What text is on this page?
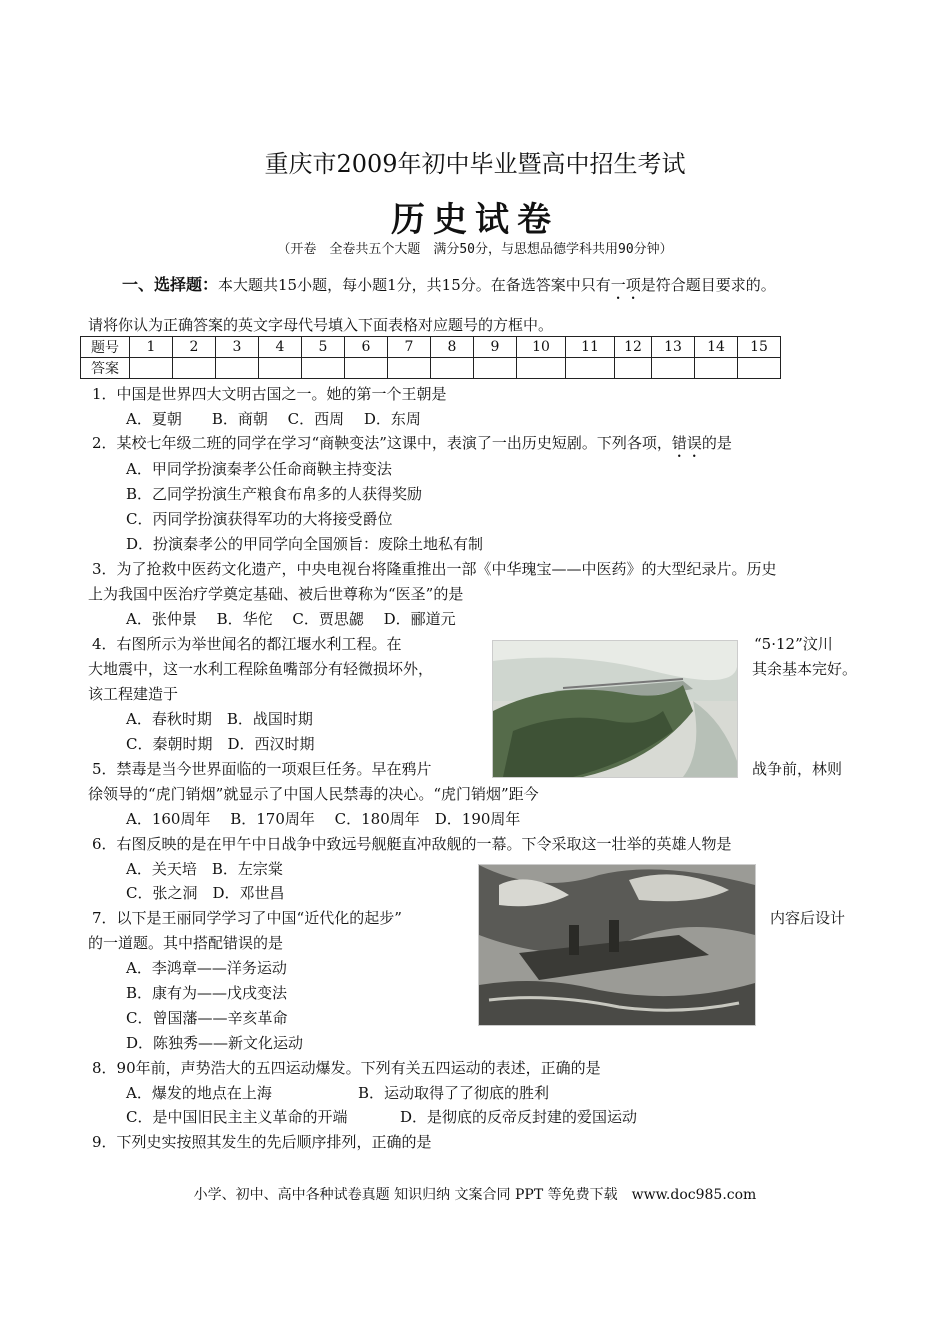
重庆市2009年初中毕业暨高中招生考试
历史试卷
（开卷　全卷共五个大题　满分50分，与思想品德学科共用90分钟）
一、选择题：本大题共15小题，每小题1分，共15分。在备选答案中只有一项是符合题目要求的。
请将你认为正确答案的英文字母代号填入下面表格对应题号的方框中。
题号	1	2	3	4	5	6	7	8	9	10	11	12	13	14	15
答案															
1．中国是世界四大文明古国之一。她的第一个王朝是
A．夏朝　　B．商朝　 C．西周　 D．东周
2．某校七年级二班的同学在学习“商鞅变法”这课中，表演了一出历史短剧。下列各项，错误的是
A．甲同学扮演秦孝公任命商鞅主持变法
B．乙同学扮演生产粮食布帛多的人获得奖励
C．丙同学扮演获得军功的大将接受爵位
D．扮演秦孝公的甲同学向全国颁旨：废除土地私有制
3．为了抢救中医药文化遗产，中央电视台将隆重推出一部《中华瑰宝——中医药》的大型纪录片。历史
上为我国中医治疗学奠定基础、被后世尊称为“医圣”的是
A．张仲景　 B．华佗　 C．贾思勰　 D．郦道元
4．右图所示为举世闻名的都江堰水利工程。在	“5·12”汶川
大地震中，这一水利工程除鱼嘴部分有轻微损坏外，	其余基本完好。
该工程建造于
A．春秋时期　B．战国时期
C．秦朝时期　D．西汉时期
5．禁毒是当今世界面临的一项艰巨任务。早在鸦片	战争前，林则
徐领导的“虎门销烟”就显示了中国人民禁毒的决心。“虎门销烟”距今
A．160周年　 B．170周年　 C．180周年　D．190周年
6．右图反映的是在甲午中日战争中致远号舰艇直冲敌舰的一幕。下令采取这一壮举的英雄人物是
A．关天培　B．左宗棠
C．张之洞　D．邓世昌
7．以下是王丽同学学习了中国“近代化的起步”	内容后设计
的一道题。其中搭配错误的是
A．李鸿章——洋务运动
B．康有为——戊戌变法
C．曾国藩——辛亥革命
D．陈独秀——新文化运动
8．90年前，声势浩大的五四运动爆发。下列有关五四运动的表述，正确的是
A．爆发的地点在上海	B．运动取得了了彻底的胜利
C．是中国旧民主主义革命的开端	D．是彻底的反帝反封建的爱国运动
9．下列史实按照其发生的先后顺序排列，正确的是
小学、初中、高中各种试卷真题 知识归纳 文案合同 PPT 等免费下载　www.doc985.com
